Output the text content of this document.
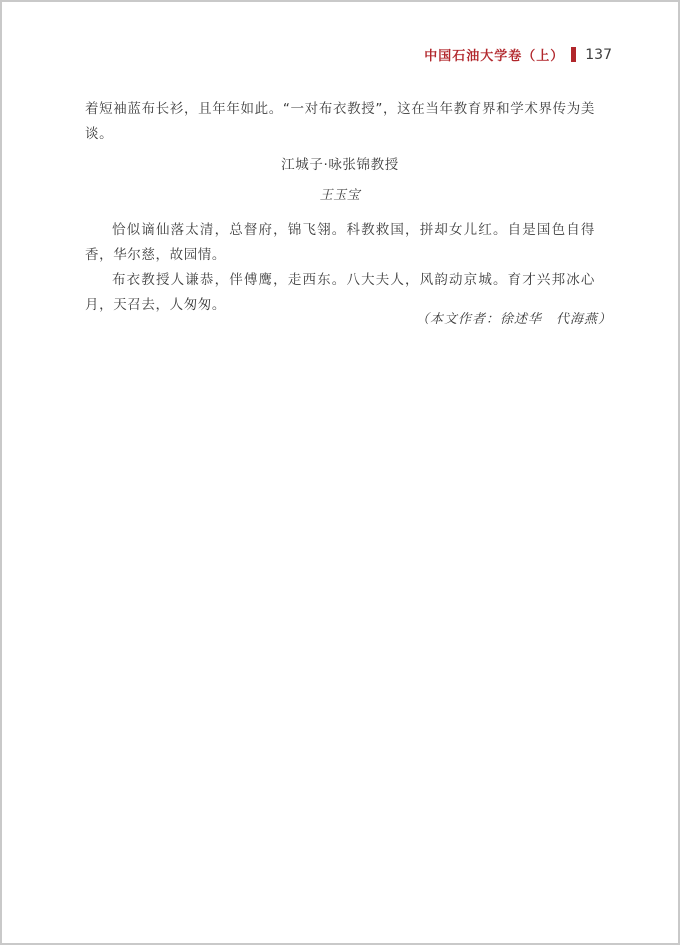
中国石油大学卷（上） 137

着短袖蓝布长衫，且年年如此。“一对布衣教授”，这在当年教育界和学术界传为美谈。

江城子·咏张锦教授

王玉宝

恰似谪仙落太清，总督府，锦飞翎。科教救国，拼却女儿红。自是国色自得香，华尔慈，故园情。

布衣教授人谦恭，伴傅鹰，走西东。八大夫人，风韵动京城。育才兴邦冰心月，天召去，人匆匆。

（本文作者：徐述华　代海燕）
